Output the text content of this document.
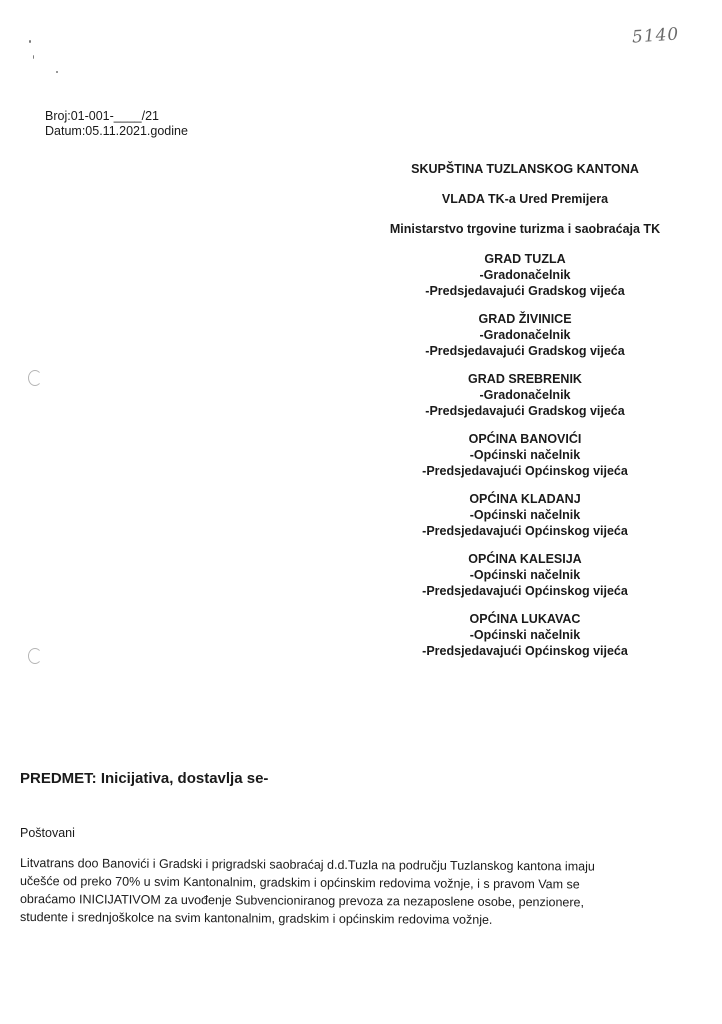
5140
Broj:01-001-____/21
Datum:05.11.2021.godine
SKUPŠTINA TUZLANSKOG KANTONA
VLADA TK-a Ured Premijera
Ministarstvo trgovine turizma i saobraćaja TK
GRAD TUZLA
-Gradonačelnik
-Predsjedavajući Gradskog vijeća
GRAD ŽIVINICE
-Gradonačelnik
-Predsjedavajući Gradskog vijeća
GRAD SREBRENIK
-Gradonačelnik
-Predsjedavajući Gradskog vijeća
OPĆINA BANOVIĆI
-Općinski načelnik
-Predsjedavajući Općinskog vijeća
OPĆINA KLADANJ
-Općinski načelnik
-Predsjedavajući Općinskog vijeća
OPĆINA KALESIJA
-Općinski načelnik
-Predsjedavajući Općinskog vijeća
OPĆINA LUKAVAC
-Općinski načelnik
-Predsjedavajući Općinskog vijeća
PREDMET: Inicijativa, dostavlja se-
Poštovani
Litvatrans doo Banovići i Gradski i prigradski saobraćaj d.d.Tuzla na području Tuzlanskog kantona imaju
učešće od preko 70% u svim Kantonalnim, gradskim i općinskim redovima vožnje, i s pravom Vam se
obraćamo INICIJATIVOM za uvođenje Subvencioniranog prevoza za nezaposlene osobe, penzionere,
studente i srednjoškolce na svim kantonalnim, gradskim i općinskim redovima vožnje.
